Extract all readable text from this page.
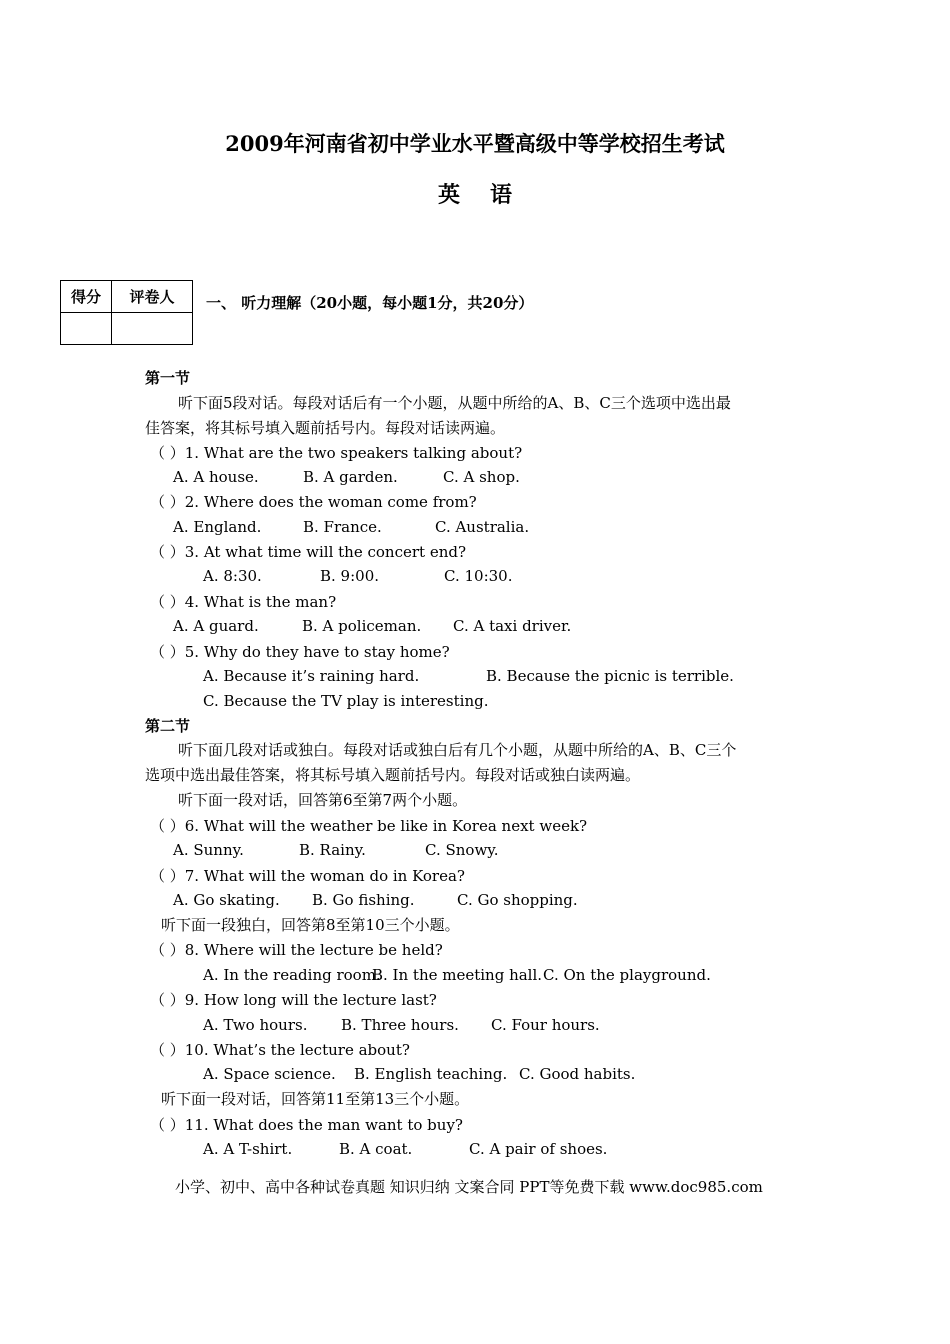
2009年河南省初中学业水平暨高级中等学校招生考试
英语
得分	评卷人
	一、 听力理解（20小题，每小题1分，共20分）
第一节
听下面5段对话。每段对话后有一个小题，从题中所给的A、B、C三个选项中选出最
佳答案，将其标号填入题前括号内。每段对话读两遍。
（ ）1. What are the two speakers talking about?
A. A house.	B. A garden.	C. A shop.
（ ）2. Where does the woman come from?
A. England.	B. France.	C. Australia.
（ ）3. At what time will the concert end?
A. 8:30.	B. 9:00.	C. 10:30.
（ ）4. What is the man?
A. A guard.	B. A policeman. C. A taxi driver.
（ ）5. Why do they have to stay home?
A. Because it’s raining hard.	B. Because the picnic is terrible.
C. Because the TV play is interesting.
第二节
听下面几段对话或独白。每段对话或独白后有几个小题，从题中所给的A、B、C三个
选项中选出最佳答案，将其标号填入题前括号内。每段对话或独白读两遍。
听下面一段对话，回答第6至第7两个小题。
（ ）6. What will the weather be like in Korea next week?
A. Sunny.	B. Rainy.	C. Snowy.
（ ）7. What will the woman do in Korea?
A. Go skating. B. Go fishing.	C. Go shopping.
听下面一段独白，回答第8至第10三个小题。
（ ）8. Where will the lecture be held?
A. In the reading room.
B. In the meeting hall. C. On the playground.
（ ）9. How long will the lecture last?
A. Two hours. B. Three hours. C. Four hours.
（ ）10. What’s the lecture about?
A. Space science. B. English teaching. C. Good habits.
听下面一段对话，回答第11至第13三个小题。
（ ）11. What does the man want to buy?
A. A T-shirt.	B. A coat.	C. A pair of shoes.
小学、初中、高中各种试卷真题 知识归纳 文案合同 PPT等免费下载 www.doc985.com
